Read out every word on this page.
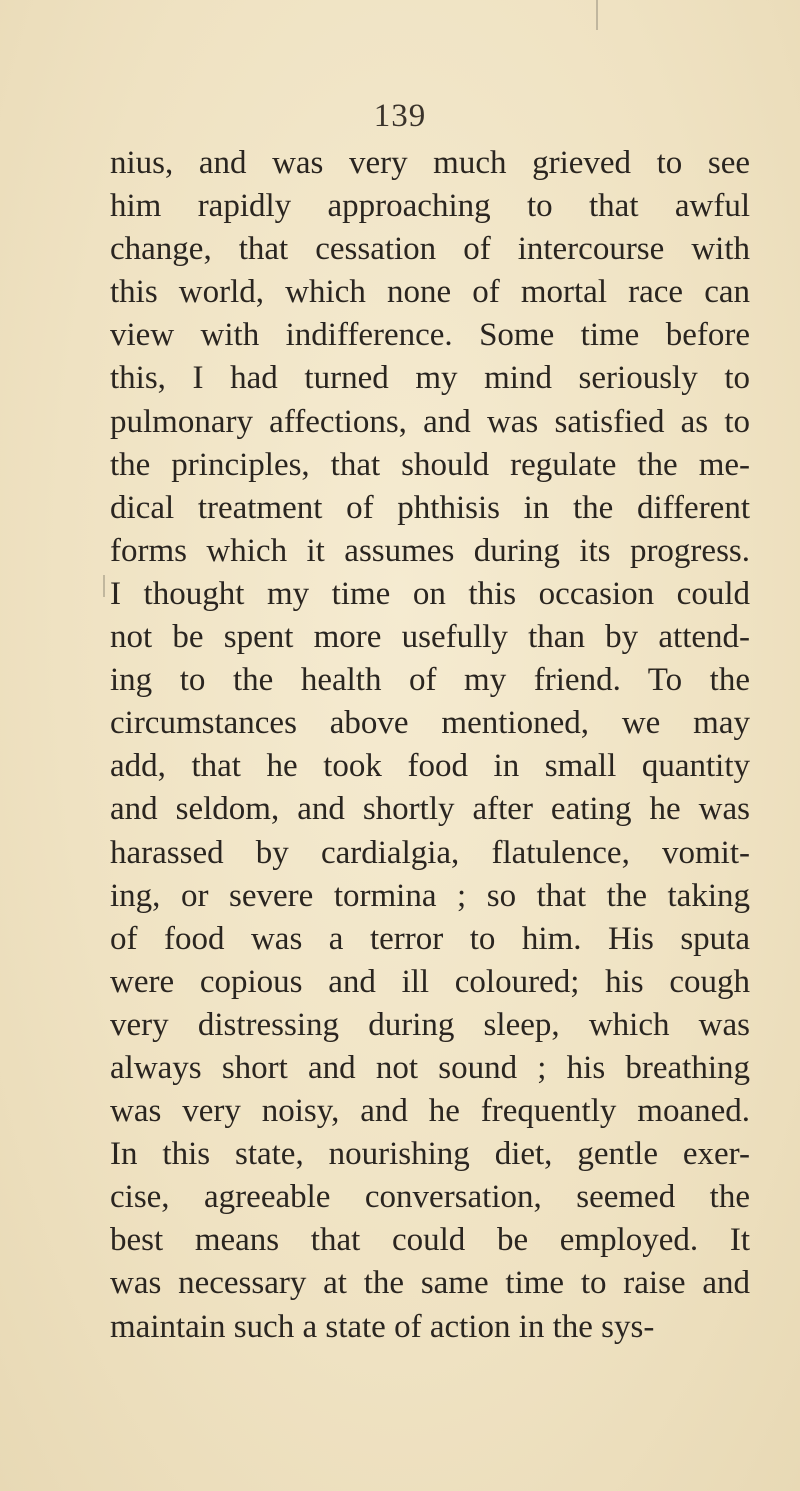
139
nius, and was very much grieved to see
him rapidly approaching to that awful
change, that cessation of intercourse with
this world, which none of mortal race can
view with indifference. Some time before
this, I had turned my mind seriously to
pulmonary affections, and was satisfied as to
the principles, that should regulate the me-
dical treatment of phthisis in the different
forms which it assumes during its progress.
I thought my time on this occasion could
not be spent more usefully than by attend-
ing to the health of my friend. To the
circumstances above mentioned, we may
add, that he took food in small quantity
and seldom, and shortly after eating he was
harassed by cardialgia, flatulence, vomit-
ing, or severe tormina ; so that the taking
of food was a terror to him. His sputa
were copious and ill coloured; his cough
very distressing during sleep, which was
always short and not sound ; his breathing
was very noisy, and he frequently moaned.
In this state, nourishing diet, gentle exer-
cise, agreeable conversation, seemed the
best means that could be employed. It
was necessary at the same time to raise and
maintain such a state of action in the sys-
